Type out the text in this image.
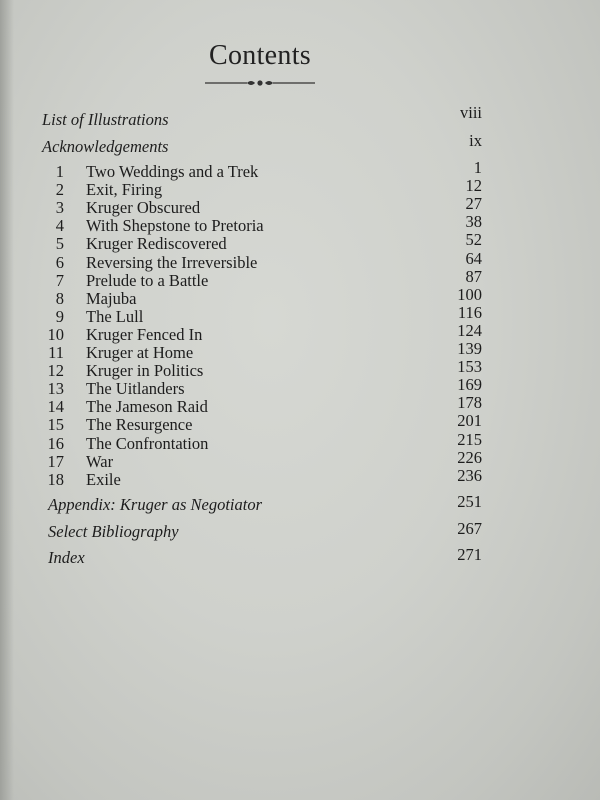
Contents
List of Illustrations	viii
Acknowledgements	ix
1 Two Weddings and a Trek	1
2 Exit, Firing	12
3 Kruger Obscured	27
4 With Shepstone to Pretoria	38
5 Kruger Rediscovered	52
6 Reversing the Irreversible	64
7 Prelude to a Battle	87
8 Majuba	100
9 The Lull	116
10 Kruger Fenced In	124
11 Kruger at Home	139
12 Kruger in Politics	153
13 The Uitlanders	169
14 The Jameson Raid	178
15 The Resurgence	201
16 The Confrontation	215
17 War	226
18 Exile	236
Appendix: Kruger as Negotiator	251
Select Bibliography	267
Index	271
